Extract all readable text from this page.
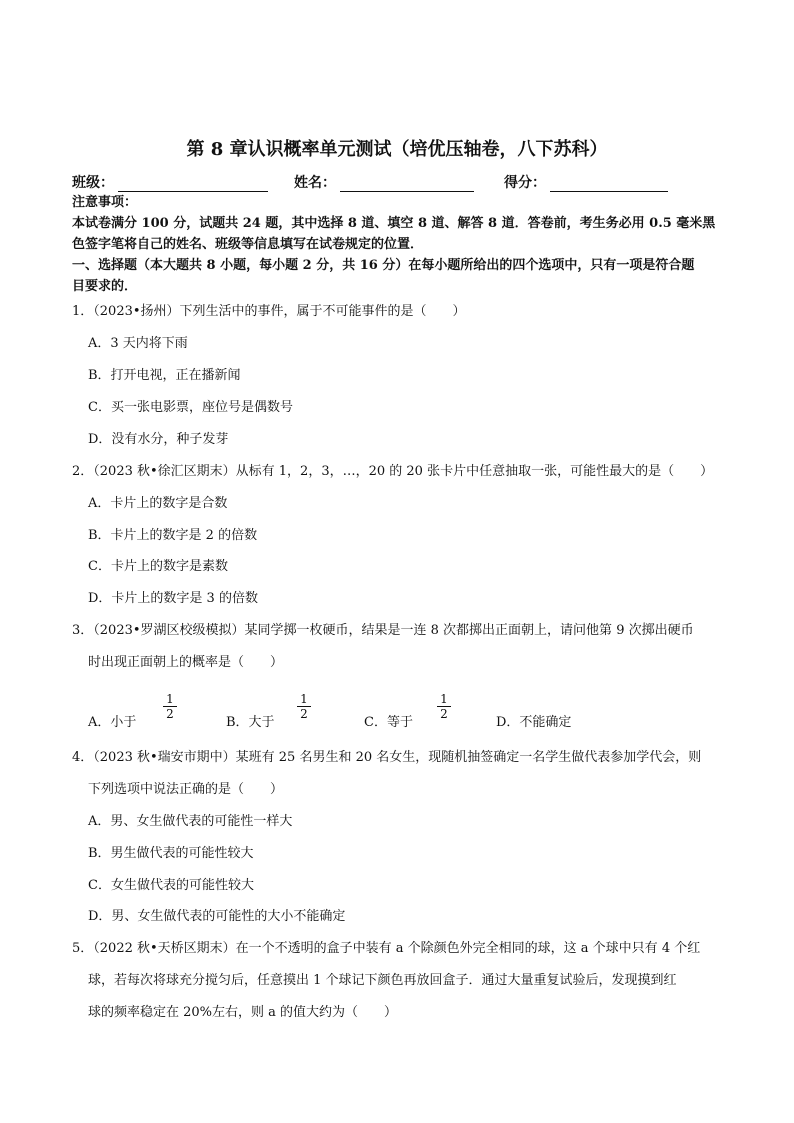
第 8 章认识概率单元测试（培优压轴卷，八下苏科）
班级：	姓名：	得分：
注意事项：
本试卷满分 100 分，试题共 24 题，其中选择 8 道、填空 8 道、解答 8 道．答卷前，考生务必用 0.5 毫米黑
色签字笔将自己的姓名、班级等信息填写在试卷规定的位置．
一、选择题（本大题共 8 小题，每小题 2 分，共 16 分）在每小题所给出的四个选项中，只有一项是符合题
目要求的．
1．（2023•扬州）下列生活中的事件，属于不可能事件的是（　　）
A．3 天内将下雨
B．打开电视，正在播新闻
C．买一张电影票，座位号是偶数号
D．没有水分，种子发芽
2．（2023 秋•徐汇区期末）从标有 1，2，3，…，20 的 20 张卡片中任意抽取一张，可能性最大的是（　　）
A．卡片上的数字是合数
B．卡片上的数字是 2 的倍数
C．卡片上的数字是素数
D．卡片上的数字是 3 的倍数
3．（2023•罗湖区校级模拟）某同学掷一枚硬币，结果是一连 8 次都掷出正面朝上，请问他第 9 次掷出硬币
时出现正面朝上的概率是（　　）
A．小于
$\frac{1}{2}$
B．大于
$\frac{1}{2}$
C．等于
$\frac{1}{2}$
D．不能确定
4．（2023 秋•瑞安市期中）某班有 25 名男生和 20 名女生，现随机抽签确定一名学生做代表参加学代会，则
下列选项中说法正确的是（　　）
A．男、女生做代表的可能性一样大
B．男生做代表的可能性较大
C．女生做代表的可能性较大
D．男、女生做代表的可能性的大小不能确定
5．（2022 秋•天桥区期末）在一个不透明的盒子中装有 a 个除颜色外完全相同的球，这 a 个球中只有 4 个红
球，若每次将球充分搅匀后，任意摸出 1 个球记下颜色再放回盒子．通过大量重复试验后，发现摸到红
球的频率稳定在 20%左右，则 a 的值大约为（　　）
